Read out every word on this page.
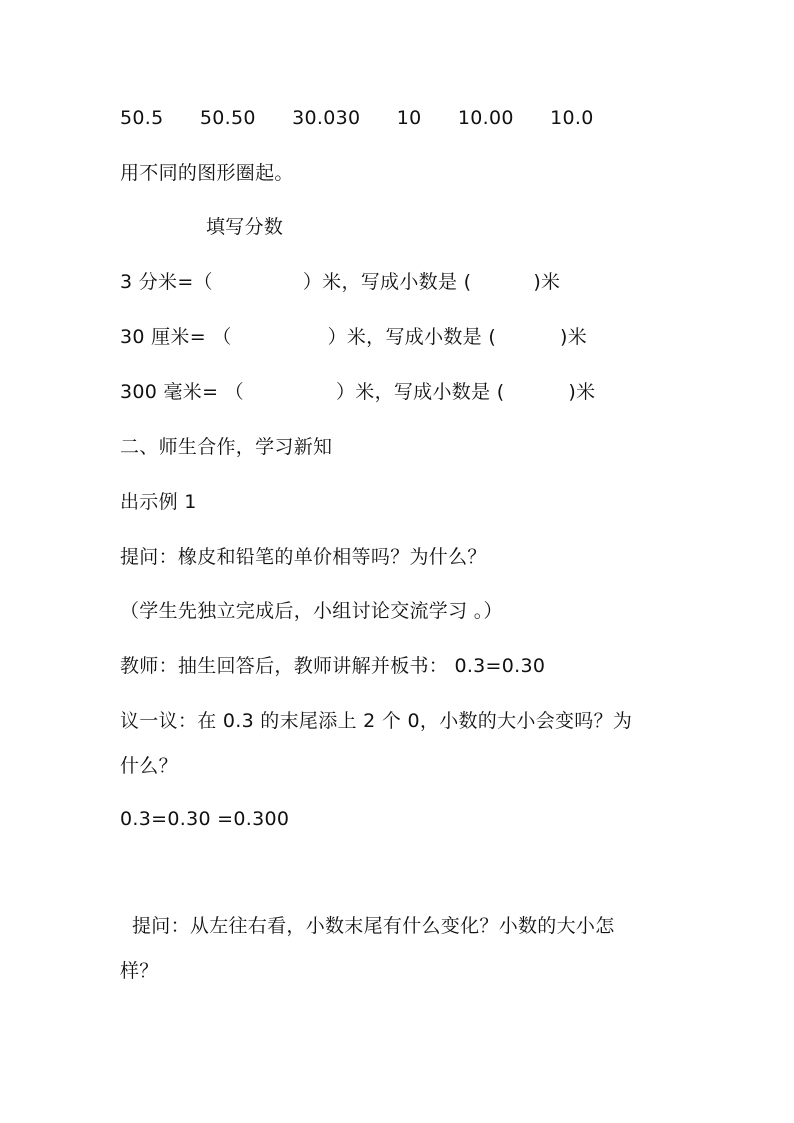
50.5 50.50 30.030 10 10.00 10.0
用不同的图形圈起。
填写分数
3 分米=（	）米，写成小数是 (	)米
30 厘米= （	）米，写成小数是 (	)米
300 毫米= （	）米，写成小数是 (	)米
二、师生合作，学习新知
出示例 1
提问：橡皮和铅笔的单价相等吗？为什么？
（学生先独立完成后，小组讨论交流学习 。）
教师：抽生回答后，教师讲解并板书： 0.3=0.30
议一议：在 0.3 的末尾添上 2 个 0，小数的大小会变吗？为
什么？
0.3=0.30 =0.300
提问：从左往右看，小数末尾有什么变化？小数的大小怎
样？
